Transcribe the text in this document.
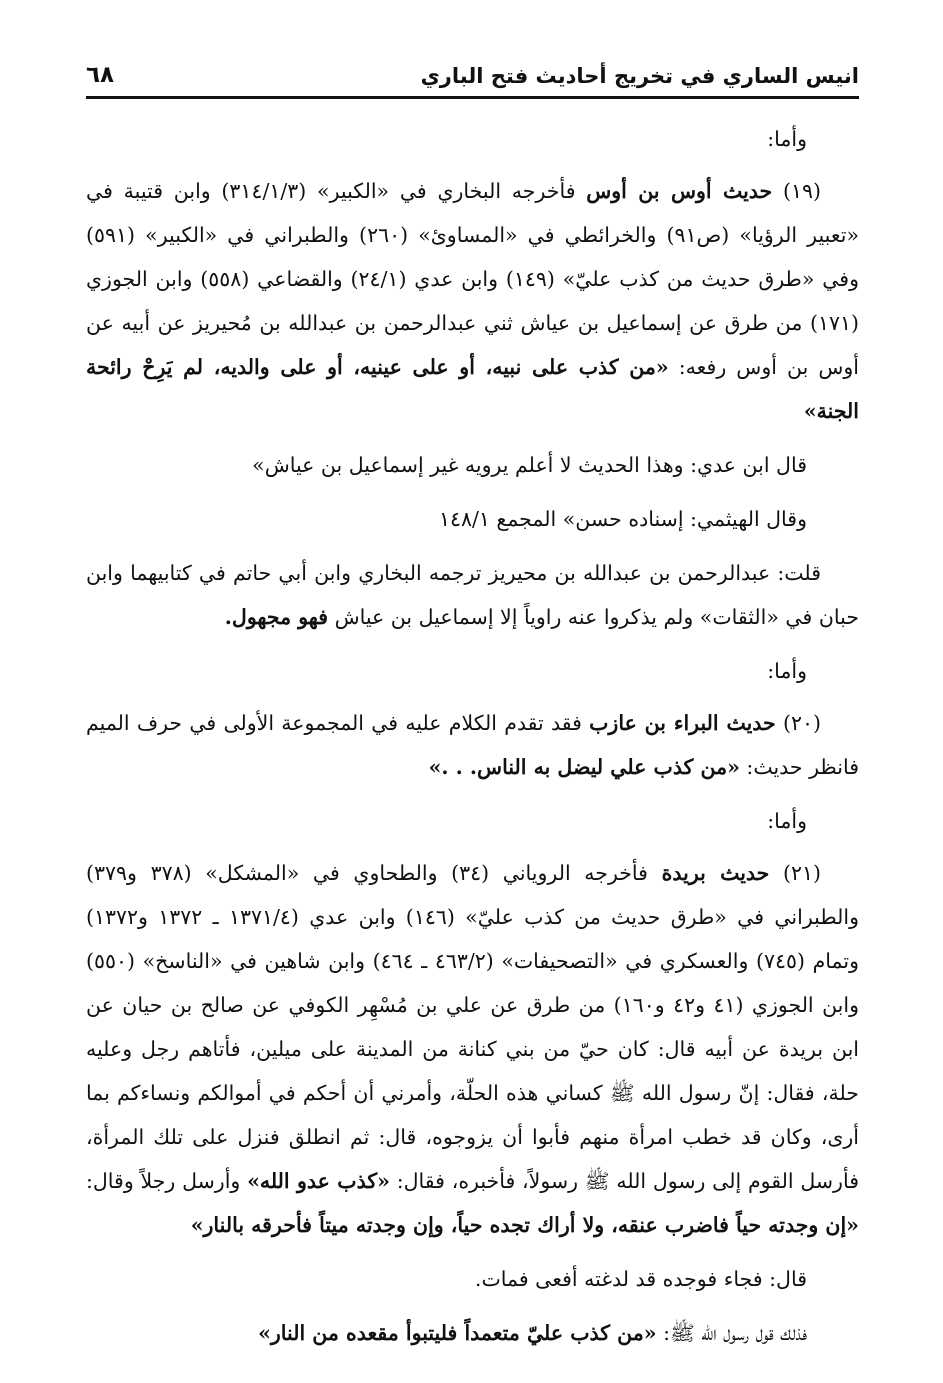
انيس الساري في تخريج أحاديث فتح الباري
٦٨

وأما:

(١٩) حديث أوس بن أوس فأخرجه البخاري في «الكبير» (٣١٤/١/٣) وابن قتيبة في «تعبير الرؤيا» (ص٩١) والخرائطي في «المساوئ» (٢٦٠) والطبراني في «الكبير» (٥٩١) وفي «طرق حديث من كذب عليّ» (١٤٩) وابن عدي (٢٤/١) والقضاعي (٥٥٨) وابن الجوزي (١٧١) من طرق عن إسماعيل بن عياش ثني عبدالرحمن بن عبدالله بن مُحيريز عن أبيه عن أوس بن أوس رفعه: «من كذب على نبيه، أو على عينيه، أو على والديه، لم يَرِحْ رائحة الجنة»

قال ابن عدي: وهذا الحديث لا أعلم يرويه غير إسماعيل بن عياش»

وقال الهيثمي: إسناده حسن» المجمع ١٤٨/١

قلت: عبدالرحمن بن عبدالله بن محيريز ترجمه البخاري وابن أبي حاتم في كتابيهما وابن حبان في «الثقات» ولم يذكروا عنه راوياً إلا إسماعيل بن عياش فهو مجهول.

وأما:

(٢٠) حديث البراء بن عازب فقد تقدم الكلام عليه في المجموعة الأولى في حرف الميم فانظر حديث: «من كذب علي ليضل به الناس. . .»

وأما:

(٢١) حديث بريدة فأخرجه الروياني (٣٤) والطحاوي في «المشكل» (٣٧٨ و٣٧٩) والطبراني في «طرق حديث من كذب عليّ» (١٤٦) وابن عدي (١٣٧١/٤ ـ ١٣٧٢ و١٣٧٢) وتمام (٧٤٥) والعسكري في «التصحيفات» (٤٦٣/٢ ـ ٤٦٤) وابن شاهين في «الناسخ» (٥٥٠) وابن الجوزي (٤١ و٤٢ و١٦٠) من طرق عن علي بن مُسْهِر الكوفي عن صالح بن حيان عن ابن بريدة عن أبيه قال: كان حيّ من بني كنانة من المدينة على ميلين، فأتاهم رجل وعليه حلة، فقال: إنّ رسول الله ﷺ كساني هذه الحلّة، وأمرني أن أحكم في أموالكم ونساءكم بما أرى، وكان قد خطب امرأة منهم فأبوا أن يزوجوه، قال: ثم انطلق فنزل على تلك المرأة، فأرسل القوم إلى رسول الله ﷺ رسولاً، فأخبره، فقال: «كذب عدو الله» وأرسل رجلاً وقال: «إن وجدته حياً فاضرب عنقه، ولا أراك تجده حياً، وإن وجدته ميتاً فأحرقه بالنار»

قال: فجاء فوجده قد لدغته أفعى فمات.

فذلك قول رسول الله ﷺ: «من كذب عليّ متعمداً فليتبوأ مقعده من النار»
